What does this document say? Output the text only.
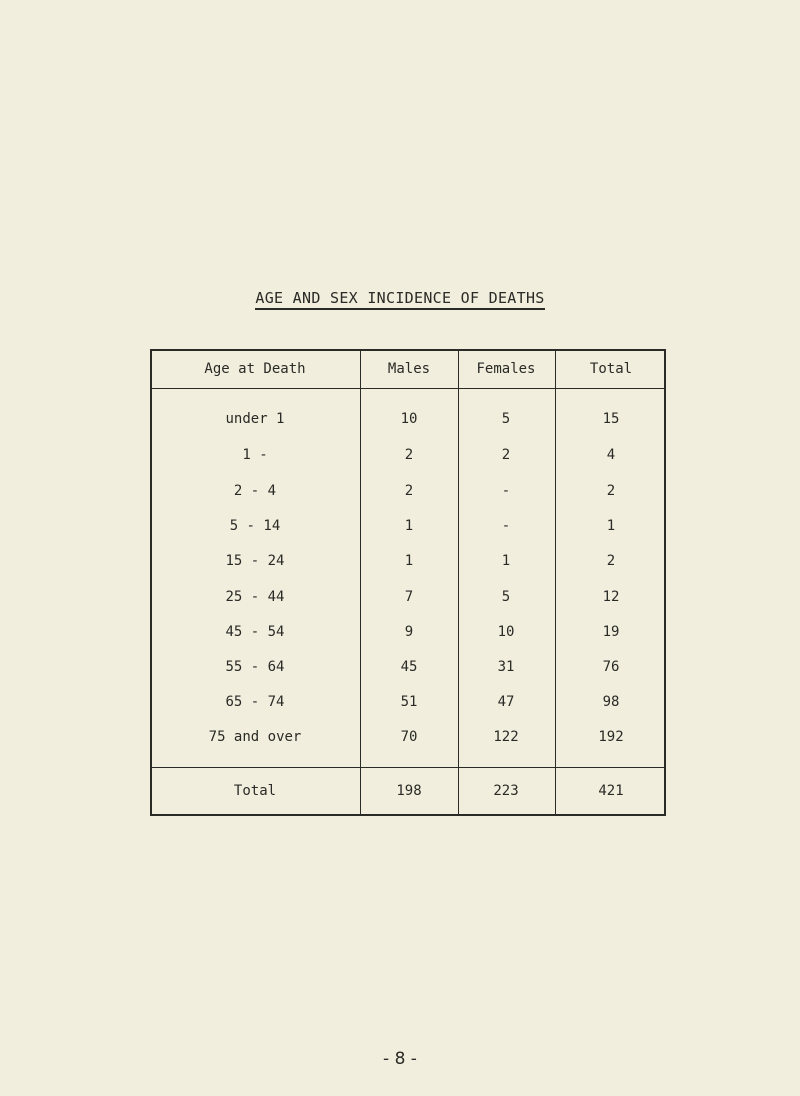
AGE AND SEX INCIDENCE OF DEATHS
Age at Death	Males	Females	Total
under 1	10	5	15
1 -	2	2	4
2 - 4	2	-	2
5 - 14	1	-	1
15 - 24	1	1	2
25 - 44	7	5	12
45 - 54	9	10	19
55 - 64	45	31	76
65 - 74	51	47	98
75 and over	70	122	192
Total	198	223	421
- 8 -
